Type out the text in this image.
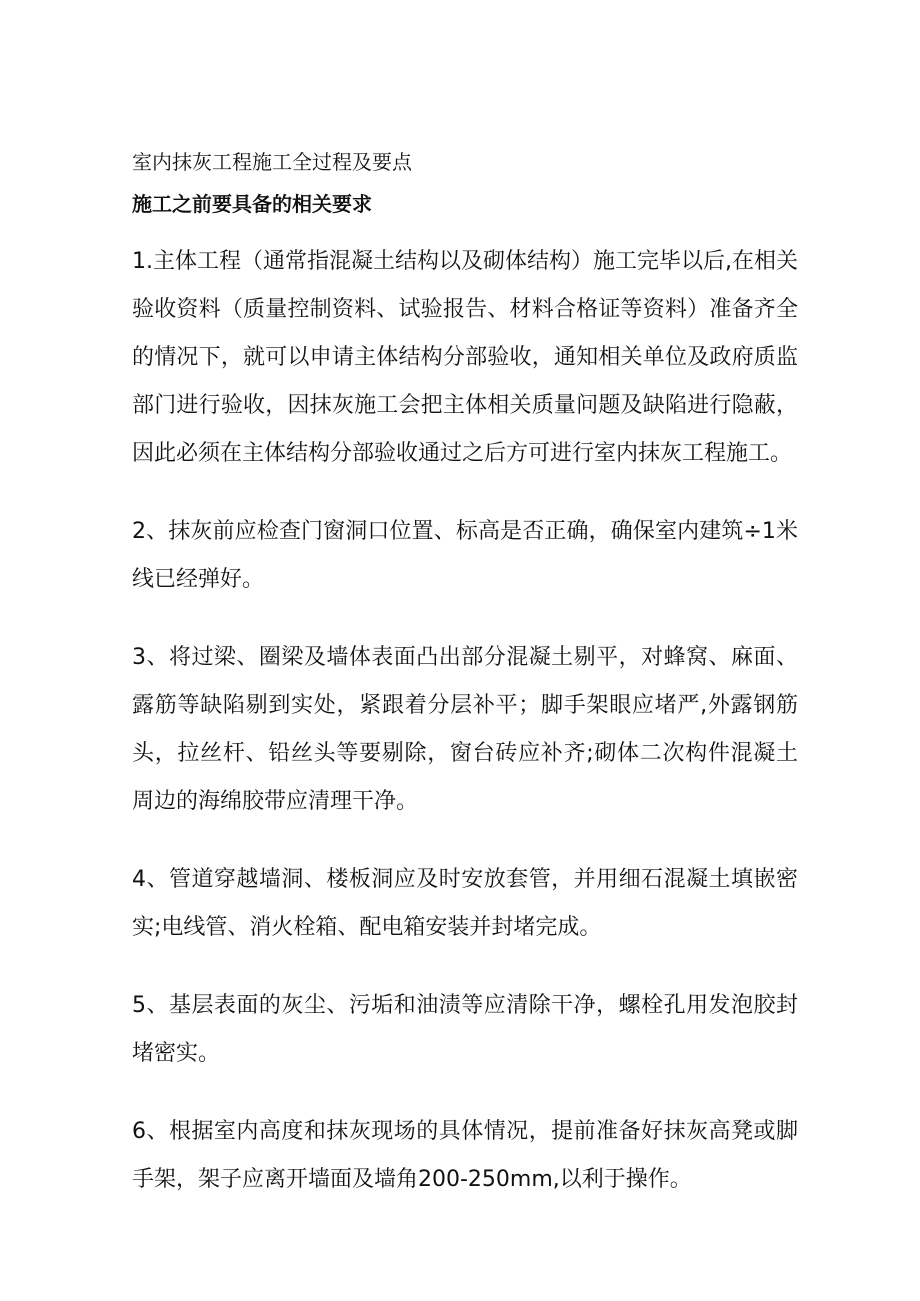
室内抹灰工程施工全过程及要点
施工之前要具备的相关要求

1.主体工程（通常指混凝土结构以及砌体结构）施工完毕以后,在相关验收资料（质量控制资料、试验报告、材料合格证等资料）准备齐全的情况下，就可以申请主体结构分部验收，通知相关单位及政府质监部门进行验收，因抹灰施工会把主体相关质量问题及缺陷进行隐蔽，因此必须在主体结构分部验收通过之后方可进行室内抹灰工程施工。

2、抹灰前应检查门窗洞口位置、标高是否正确，确保室内建筑÷1米线已经弹好。

3、将过梁、圈梁及墙体表面凸出部分混凝土剔平，对蜂窝、麻面、露筋等缺陷剔到实处，紧跟着分层补平；脚手架眼应堵严,外露钢筋头，拉丝杆、铅丝头等要剔除，窗台砖应补齐;砌体二次构件混凝土周边的海绵胶带应清理干净。

4、管道穿越墙洞、楼板洞应及时安放套管，并用细石混凝土填嵌密实;电线管、消火栓箱、配电箱安装并封堵完成。

5、基层表面的灰尘、污垢和油渍等应清除干净，螺栓孔用发泡胶封堵密实。

6、根据室内高度和抹灰现场的具体情况，提前准备好抹灰高凳或脚手架，架子应离开墙面及墙角200-250mm,以利于操作。
